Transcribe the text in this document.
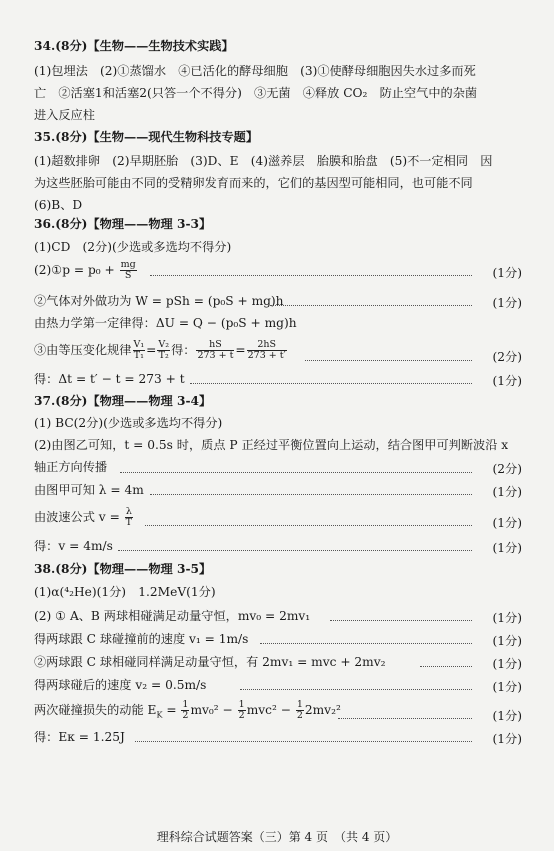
34.(8分)【生物——生物技术实践】
(1)包埋法　(2)①蒸馏水　④已活化的酵母细胞　(3)①使酵母细胞因失水过多而死
亡　②活塞1和活塞2(只答一个不得分)　③无菌　④释放 CO₂　防止空气中的杂菌
进入反应柱
35.(8分)【生物——现代生物科技专题】
(1)超数排卵　(2)早期胚胎　(3)D、E　(4)滋养层　胎膜和胎盘　(5)不一定相同　因
为这些胚胎可能由不同的受精卵发育而来的，它们的基因型可能相同，也可能不同
(6)B、D
36.(8分)【物理——物理 3-3】
(1)CD　(2分)(少选或多选均不得分)
(2)①p = $p_0 + \frac{mg}{S}$	(1分)
②气体对外做功为 W = pSh = (p₀S + mg)h	(1分)
由热力学第一定律得：ΔU = Q − (p₀S + mg)h
③由等压变化规律 $\frac{\text{V₁}}{\text{T₁}} = \frac{\text{V₂}}{\text{T₂}}$ 得： $\frac{hS}{273 + t} = \frac{2hS}{273 + t'}$	(2分)
得：Δt = t′ − t = 273 + t	(1分)
37.(8分)【物理——物理 3-4】
(1) BC(2分)(少选或多选均不得分)
(2)由图乙可知，t = 0.5s 时，质点 P 正经过平衡位置向上运动，结合图甲可判断波沿 x
轴正方向传播	(2分)
由图甲可知 λ = 4m	(1分)
由波速公式 $v = \frac{\lambda}{T}$	(1分)
得：v = 4m/s	(1分)
38.(8分)【物理——物理 3-5】
(1)α(⁴₂He)(1分)　1.2MeV(1分)
(2) ① A、B 两球相碰满足动量守恒，mv₀ = 2mv₁	(1分)
得两球跟 C 球碰撞前的速度 v₁ = 1m/s	(1分)
②两球跟 C 球相碰同样满足动量守恒，有 2mv₁ = mvc + 2mv₂	(1分)
得两球碰后的速度 v₂ = 0.5m/s	(1分)
两次碰撞损失的动能 $E_K = \frac{1}{2} mv_0^2 - \frac{1}{2} mvc^2 - \frac{1}{2} 2mv_2^2$	(1分)
得：Eκ = 1.25J	(1分)
理科综合试题答案（三）第 4 页　（共 4 页）
